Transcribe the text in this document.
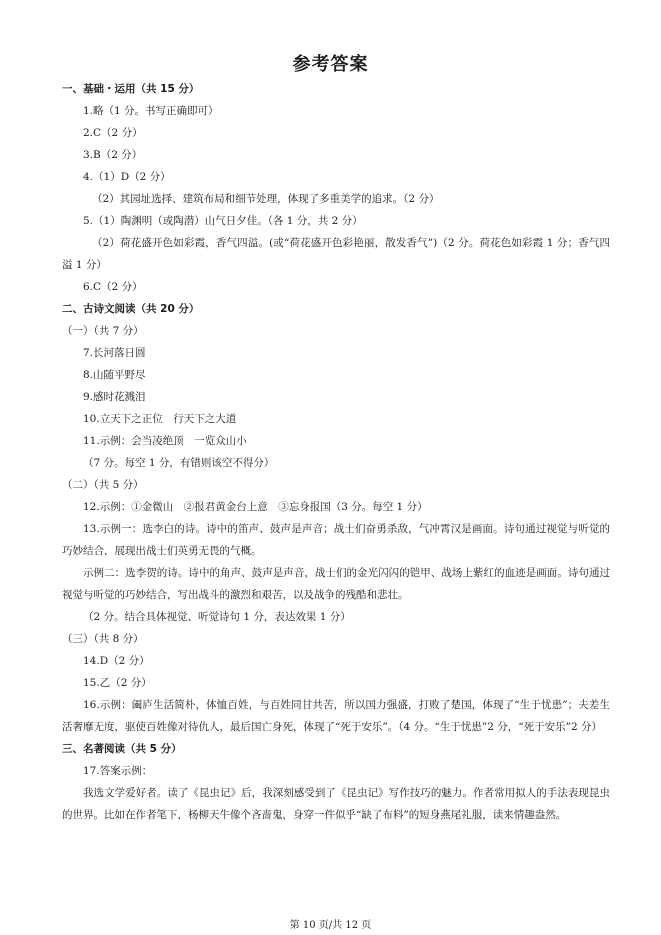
参考答案
一、基础・运用（共 15 分）
1.略（1 分。书写正确即可）
2.C（2 分）
3.B（2 分）
4.（1）D（2 分）
（2）其园址选择、建筑布局和细节处理，体现了多重美学的追求。（2 分）
5.（1）陶渊明（或陶潜）山气日夕佳。（各 1 分，共 2 分）
（2）荷花盛开色如彩霞，香气四溢。(或“荷花盛开色彩艳丽，散发香气”)（2 分。荷花色如彩霞 1 分；香气四溢 1 分）
6.C（2 分）
二、古诗文阅读（共 20 分）
（一）（共 7 分）
7.长河落日圆
8.山随平野尽
9.感时花溅泪
10.立天下之正位　行天下之大道
11.示例：会当凌绝顶　一览众山小
（7 分。每空 1 分，有错则该空不得分）
（二）（共 5 分）
12.示例：①金微山　②报君黄金台上意　③忘身报国（3 分。每空 1 分）
13.示例一：选李白的诗。诗中的笛声、鼓声是声音；战士们奋勇杀敌，气冲霄汉是画面。诗句通过视觉与听觉的巧妙结合，展现出战士们英勇无畏的气概。
示例二：选李贺的诗。诗中的角声、鼓声是声音，战士们的金光闪闪的铠甲、战场上紫红的血迹是画面。诗句通过视觉与听觉的巧妙结合，写出战斗的激烈和艰苦，以及战争的残酷和悲壮。
（2 分。结合具体视觉、听觉诗句 1 分，表达效果 1 分）
（三）（共 8 分）
14.D（2 分）
15.乙（2 分）
16.示例：阖庐生活简朴，体恤百姓，与百姓同甘共苦，所以国力强盛，打败了楚国，体现了“生于忧患”；夫差生活奢靡无度，驱使百姓像对待仇人，最后国亡身死，体现了“死于安乐”。（4 分。“生于忧患”2 分，“死于安乐”2 分）
三、名著阅读（共 5 分）
17.答案示例：
我选文学爱好者。读了《昆虫记》后，我深刻感受到了《昆虫记》写作技巧的魅力。作者常用拟人的手法表现昆虫的世界。比如在作者笔下，杨柳天牛像个吝啬鬼，身穿一件似乎“缺了布料”的短身燕尾礼服，读来情趣盎然。
第 10 页/共 12 页
